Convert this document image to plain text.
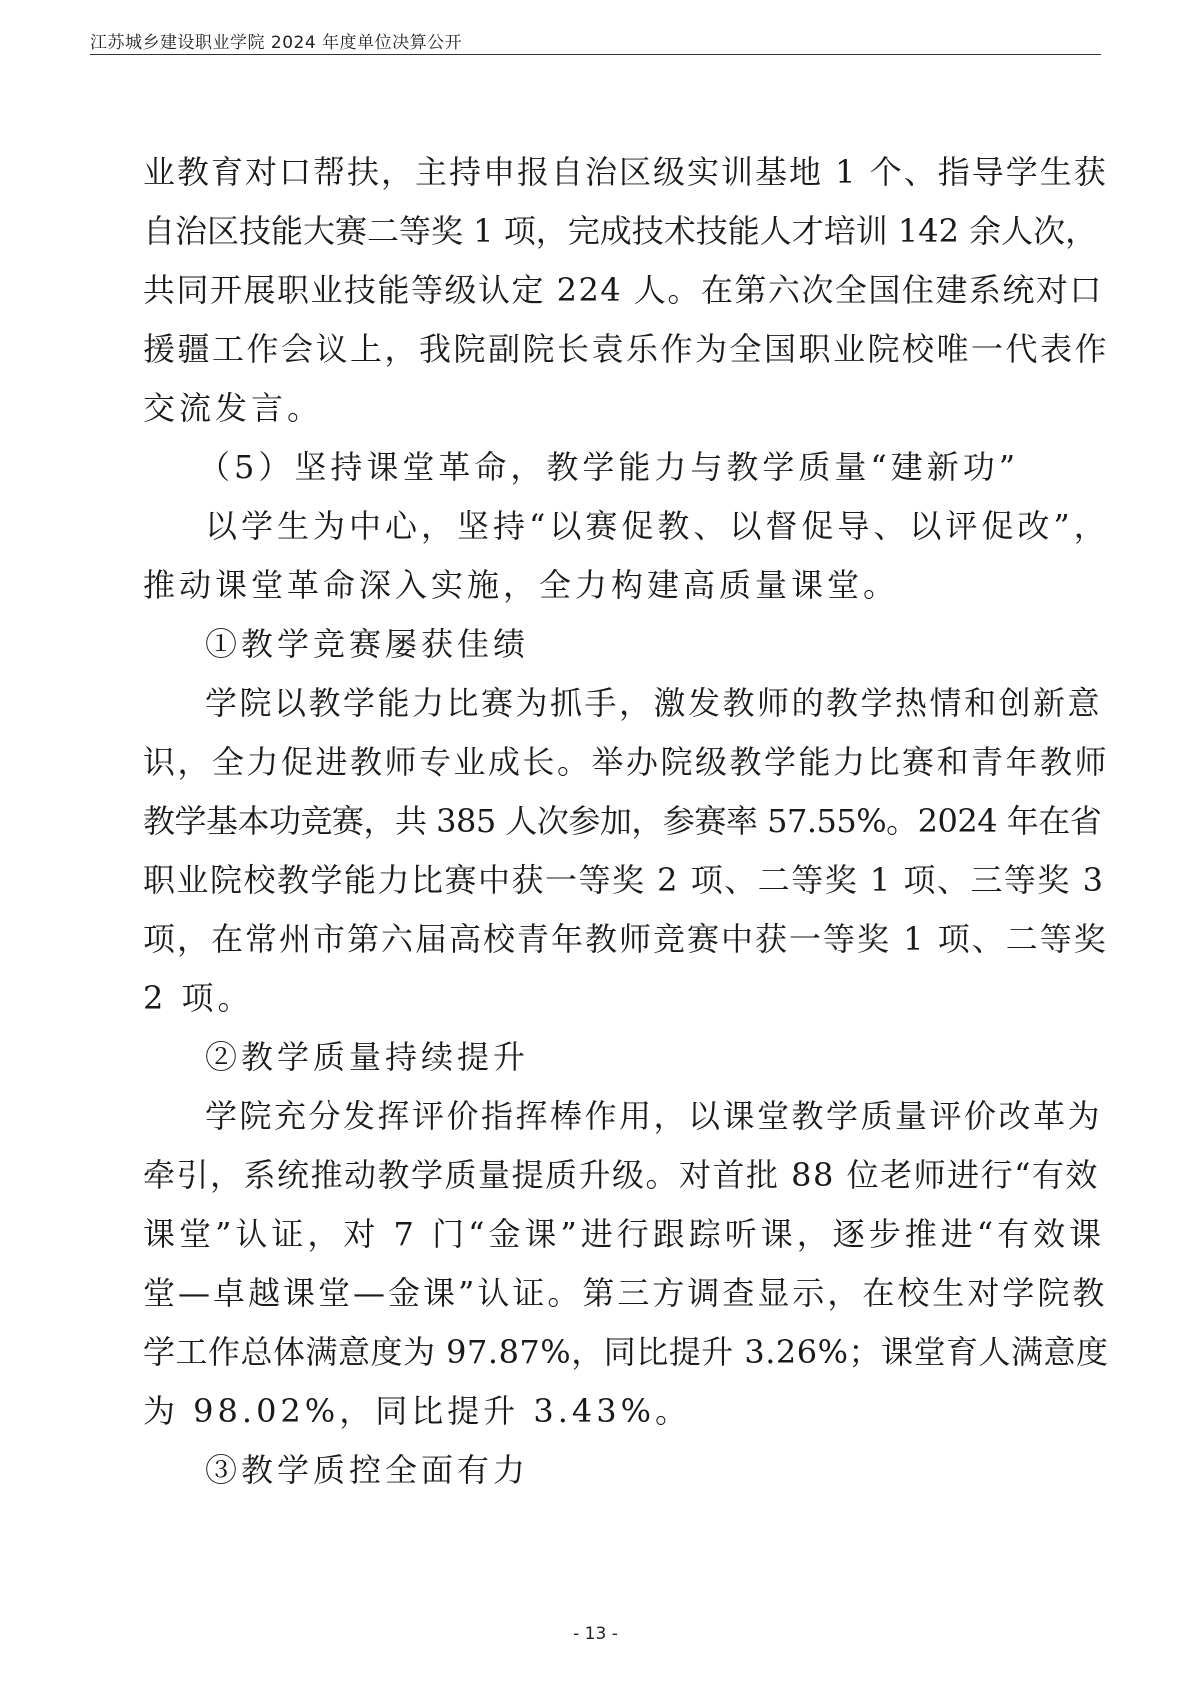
江苏城乡建设职业学院 2024 年度单位决算公开
业教育对口帮扶，主持申报自治区级实训基地 1 个、指导学生获
自治区技能大赛二等奖 1 项，完成技术技能人才培训 142 余人次，
共同开展职业技能等级认定 224 人。在第六次全国住建系统对口
援疆工作会议上，我院副院长袁乐作为全国职业院校唯一代表作
交流发言。
（5）坚持课堂革命，教学能力与教学质量“建新功”
以学生为中心，坚持“以赛促教、以督促导、以评促改”，
推动课堂革命深入实施，全力构建高质量课堂。
①教学竞赛屡获佳绩
学院以教学能力比赛为抓手，激发教师的教学热情和创新意
识，全力促进教师专业成长。举办院级教学能力比赛和青年教师
教学基本功竞赛，共 385 人次参加，参赛率 57.55%。2024 年在省
职业院校教学能力比赛中获一等奖 2 项、二等奖 1 项、三等奖 3
项，在常州市第六届高校青年教师竞赛中获一等奖 1 项、二等奖
2 项。
②教学质量持续提升
学院充分发挥评价指挥棒作用，以课堂教学质量评价改革为
牵引，系统推动教学质量提质升级。对首批 88 位老师进行“有效
课堂”认证，对 7 门“金课”进行跟踪听课，逐步推进“有效课
堂—卓越课堂—金课”认证。第三方调查显示，在校生对学院教
学工作总体满意度为 97.87%，同比提升 3.26%；课堂育人满意度
为 98.02%，同比提升 3.43%。
③教学质控全面有力
- 13 -
